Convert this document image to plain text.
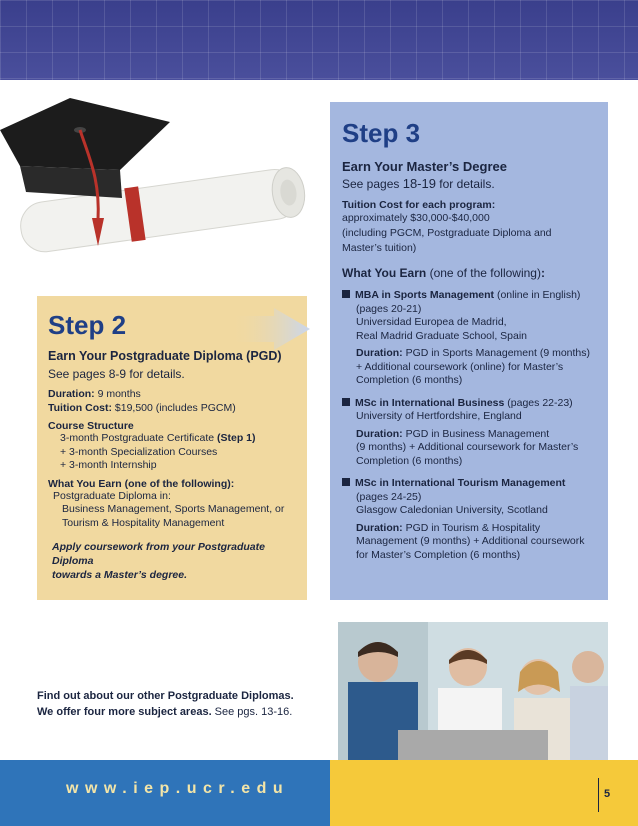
Step 3
Earn Your Master’s Degree
See pages 18-19 for details.
Tuition Cost for each program:
approximately $30,000-$40,000
(including PGCM, Postgraduate Diploma and
Master’s tuition)
What You Earn (one of the following):
MBA in Sports Management (online in English)
(pages 20-21)
Universidad Europea de Madrid,
Real Madrid Graduate School, Spain
Duration: PGD in Sports Management (9 months)
+ Additional coursework (online) for Master’s
Completion (6 months)
MSc in International Business (pages 22-23)
University of Hertfordshire, England
Duration: PGD in Business Management
(9 months) + Additional coursework for Master’s
Completion (6 months)
MSc in International Tourism Management
(pages 24-25)
Glasgow Caledonian University, Scotland
Duration: PGD in Tourism & Hospitality
Management (9 months) + Additional coursework
for Master’s Completion (6 months)
Step 2
Earn Your Postgraduate Diploma (PGD)
See pages 8-9 for details.
Duration: 9 months
Tuition Cost: $19,500 (includes PGCM)
Course Structure
3-month Postgraduate Certificate (Step 1)
+ 3-month Specialization Courses
+ 3-month Internship
What You Earn (one of the following):
Postgraduate Diploma in:
Business Management, Sports Management, or
Tourism & Hospitality Management
Apply coursework from your Postgraduate Diploma
towards a Master’s degree.
Find out about our other Postgraduate Diplomas.
We offer four more subject areas. See pgs. 13-16.
www.iep.ucr.edu	5
